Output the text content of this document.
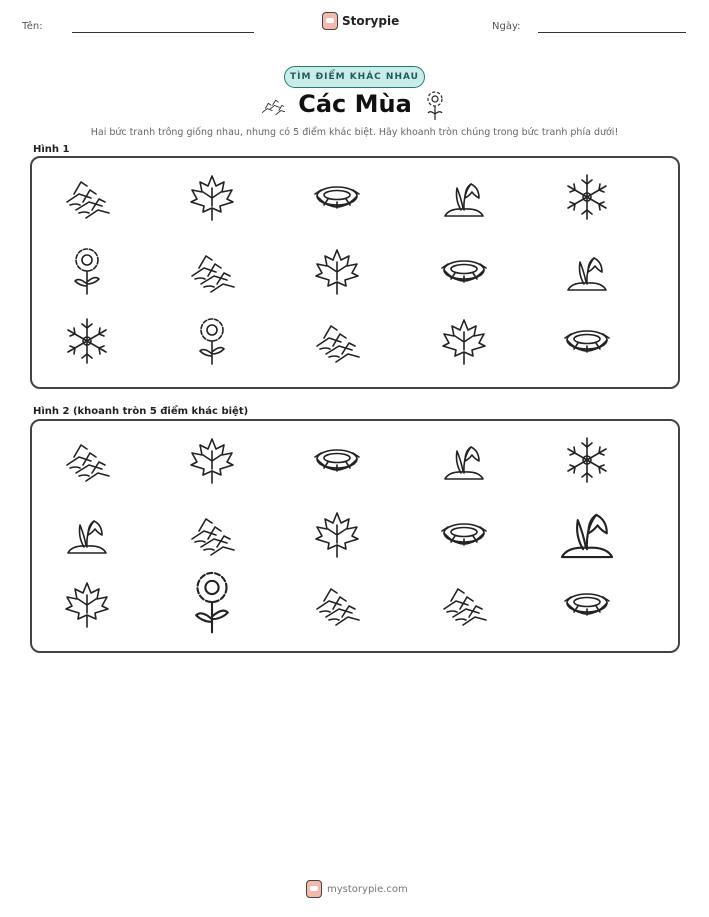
Tên:	Storypie	Ngày:
TÌM ĐIỂM KHÁC NHAU
Các Mùa
Hai bức tranh trông giống nhau, nhưng có 5 điểm khác biệt. Hãy khoanh tròn chúng trong bức tranh phía dưới!
Hình 1
Hình 2 (khoanh tròn 5 điểm khác biệt)
mystorypie.com
